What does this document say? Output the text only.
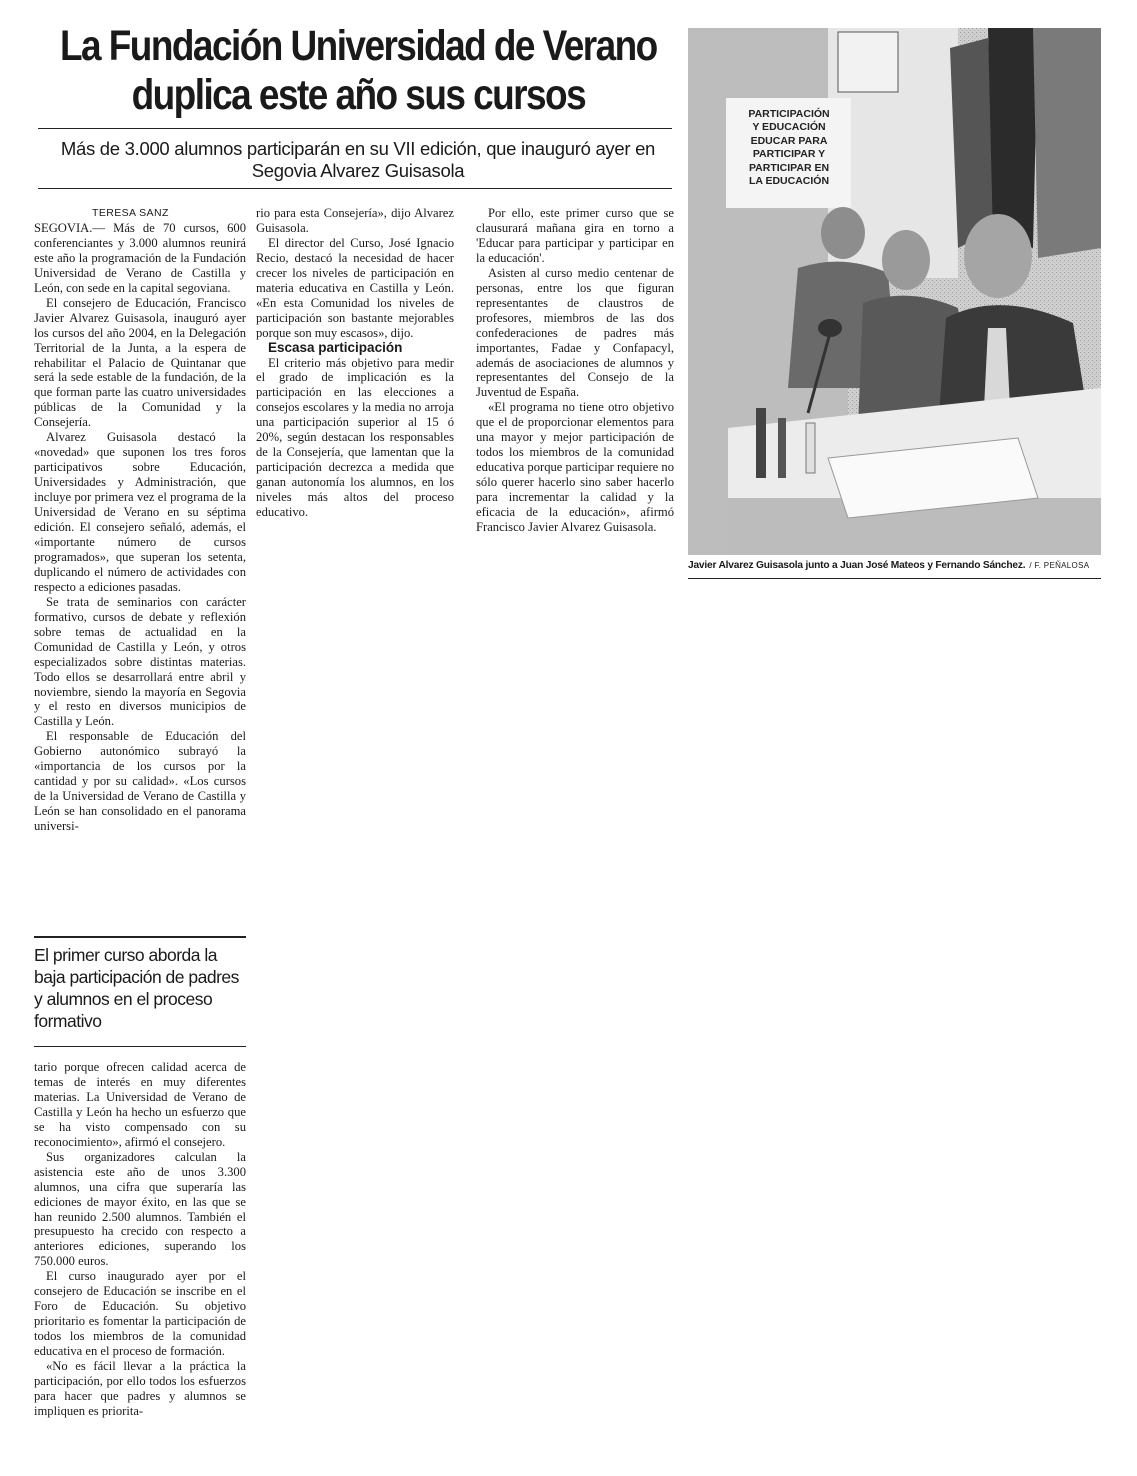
La Fundación Universidad de Verano duplica este año sus cursos

Más de 3.000 alumnos participarán en su VII edición, que inauguró ayer en Segovia Alvarez Guisasola

TERESA SANZ

SEGOVIA.— Más de 70 cursos, 600 conferenciantes y 3.000 alumnos reunirá este año la programación de la Fundación Universidad de Verano de Castilla y León, con sede en la capital segoviana.

El consejero de Educación, Francisco Javier Alvarez Guisasola, inauguró ayer los cursos del año 2004, en la Delegación Territorial de la Junta, a la espera de rehabilitar el Palacio de Quintanar que será la sede estable de la fundación, de la que forman parte las cuatro universidades públicas de la Comunidad y la Consejería.

Alvarez Guisasola destacó la «novedad» que suponen los tres foros participativos sobre Educación, Universidades y Administración, que incluye por primera vez el programa de la Universidad de Verano en su séptima edición. El consejero señaló, además, el «importante número de cursos programados», que superan los setenta, duplicando el número de actividades con respecto a ediciones pasadas.

Se trata de seminarios con carácter formativo, cursos de debate y reflexión sobre temas de actualidad en la Comunidad de Castilla y León, y otros especializados sobre distintas materias. Todo ellos se desarrollará entre abril y noviembre, siendo la mayoría en Segovia y el resto en diversos municipios de Castilla y León.

El responsable de Educación del Gobierno autonómico subrayó la «importancia de los cursos por la cantidad y por su calidad». «Los cursos de la Universidad de Verano de Castilla y León se han consolidado en el panorama universi-

El primer curso aborda la baja participación de padres y alumnos en el proceso formativo

tario porque ofrecen calidad acerca de temas de interés en muy diferentes materias. La Universidad de Verano de Castilla y León ha hecho un esfuerzo que se ha visto compensado con su reconocimiento», afirmó el consejero.

Sus organizadores calculan la asistencia este año de unos 3.300 alumnos, una cifra que superaría las ediciones de mayor éxito, en las que se han reunido 2.500 alumnos. También el presupuesto ha crecido con respecto a anteriores ediciones, superando los 750.000 euros.

El curso inaugurado ayer por el consejero de Educación se inscribe en el Foro de Educación. Su objetivo prioritario es fomentar la participación de todos los miembros de la comunidad educativa en el proceso de formación.

«No es fácil llevar a la práctica la participación, por ello todos los esfuerzos para hacer que padres y alumnos se impliquen es priorita-

rio para esta Consejería», dijo Alvarez Guisasola.

El director del Curso, José Ignacio Recio, destacó la necesidad de hacer crecer los niveles de participación en materia educativa en Castilla y León. «En esta Comunidad los niveles de participación son bastante mejorables porque son muy escasos», dijo.

Escasa participación

El criterio más objetivo para medir el grado de implicación es la participación en las elecciones a consejos escolares y la media no arroja una participación superior al 15 ó 20%, según destacan los responsables de la Consejería, que lamentan que la participación decrezca a medida que ganan autonomía los alumnos, en los niveles más altos del proceso educativo.

Por ello, este primer curso que se clausurará mañana gira en torno a 'Educar para participar y participar en la educación'.

Asisten al curso medio centenar de personas, entre los que figuran representantes de claustros de profesores, miembros de las dos confederaciones de padres más importantes, Fadae y Confapacyl, además de asociaciones de alumnos y representantes del Consejo de la Juventud de España.

«El programa no tiene otro objetivo que el de proporcionar elementos para una mayor y mejor participación de todos los miembros de la comunidad educativa porque participar requiere no sólo querer hacerlo sino saber hacerlo para incrementar la calidad y la eficacia de la educación», afirmó Francisco Javier Alvarez Guisasola.

PARTICIPACIÓN
Y EDUCACIÓN
EDUCAR PARA
PARTICIPAR Y
PARTICIPAR EN
LA EDUCACIÓN
Javier Alvarez Guisasola junto a Juan José Mateos y Fernando Sánchez. / F. PEÑALOSA
